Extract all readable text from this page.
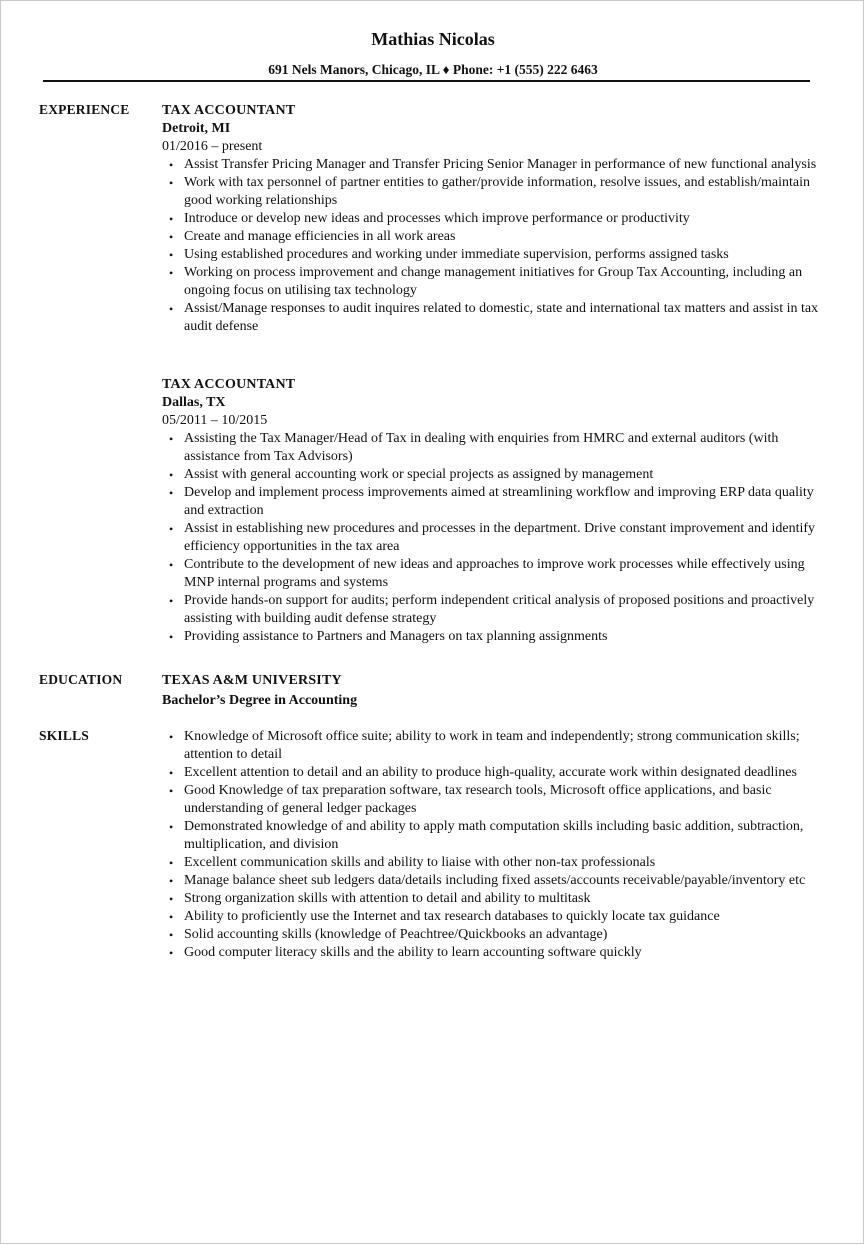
Mathias Nicolas
691 Nels Manors, Chicago, IL ♦ Phone: +1 (555) 222 6463
EXPERIENCE TAX ACCOUNTANT
Detroit, MI
01/2016 – present
• Assist Transfer Pricing Manager and Transfer Pricing Senior Manager in performance of new functional analysis
• Work with tax personnel of partner entities to gather/provide information, resolve issues, and establish/maintain good working relationships
• Introduce or develop new ideas and processes which improve performance or productivity
• Create and manage efficiencies in all work areas
• Using established procedures and working under immediate supervision, performs assigned tasks
• Working on process improvement and change management initiatives for Group Tax Accounting, including an ongoing focus on utilising tax technology
• Assist/Manage responses to audit inquires related to domestic, state and international tax matters and assist in tax audit defense
TAX ACCOUNTANT
Dallas, TX
05/2011 – 10/2015
• Assisting the Tax Manager/Head of Tax in dealing with enquiries from HMRC and external auditors (with assistance from Tax Advisors)
• Assist with general accounting work or special projects as assigned by management
• Develop and implement process improvements aimed at streamlining workflow and improving ERP data quality and extraction
• Assist in establishing new procedures and processes in the department. Drive constant improvement and identify efficiency opportunities in the tax area
• Contribute to the development of new ideas and approaches to improve work processes while effectively using MNP internal programs and systems
• Provide hands-on support for audits; perform independent critical analysis of proposed positions and proactively assisting with building audit defense strategy
• Providing assistance to Partners and Managers on tax planning assignments
EDUCATION	TEXAS A&M UNIVERSITY
Bachelor’s Degree in Accounting
SKILLS	• Knowledge of Microsoft office suite; ability to work in team and independently; strong communication skills; attention to detail
• Excellent attention to detail and an ability to produce high-quality, accurate work within designated deadlines
• Good Knowledge of tax preparation software, tax research tools, Microsoft office applications, and basic understanding of general ledger packages
• Demonstrated knowledge of and ability to apply math computation skills including basic addition, subtraction, multiplication, and division
• Excellent communication skills and ability to liaise with other non-tax professionals
• Manage balance sheet sub ledgers data/details including fixed assets/accounts receivable/payable/inventory etc
• Strong organization skills with attention to detail and ability to multitask
• Ability to proficiently use the Internet and tax research databases to quickly locate tax guidance
• Solid accounting skills (knowledge of Peachtree/Quickbooks an advantage)
• Good computer literacy skills and the ability to learn accounting software quickly
